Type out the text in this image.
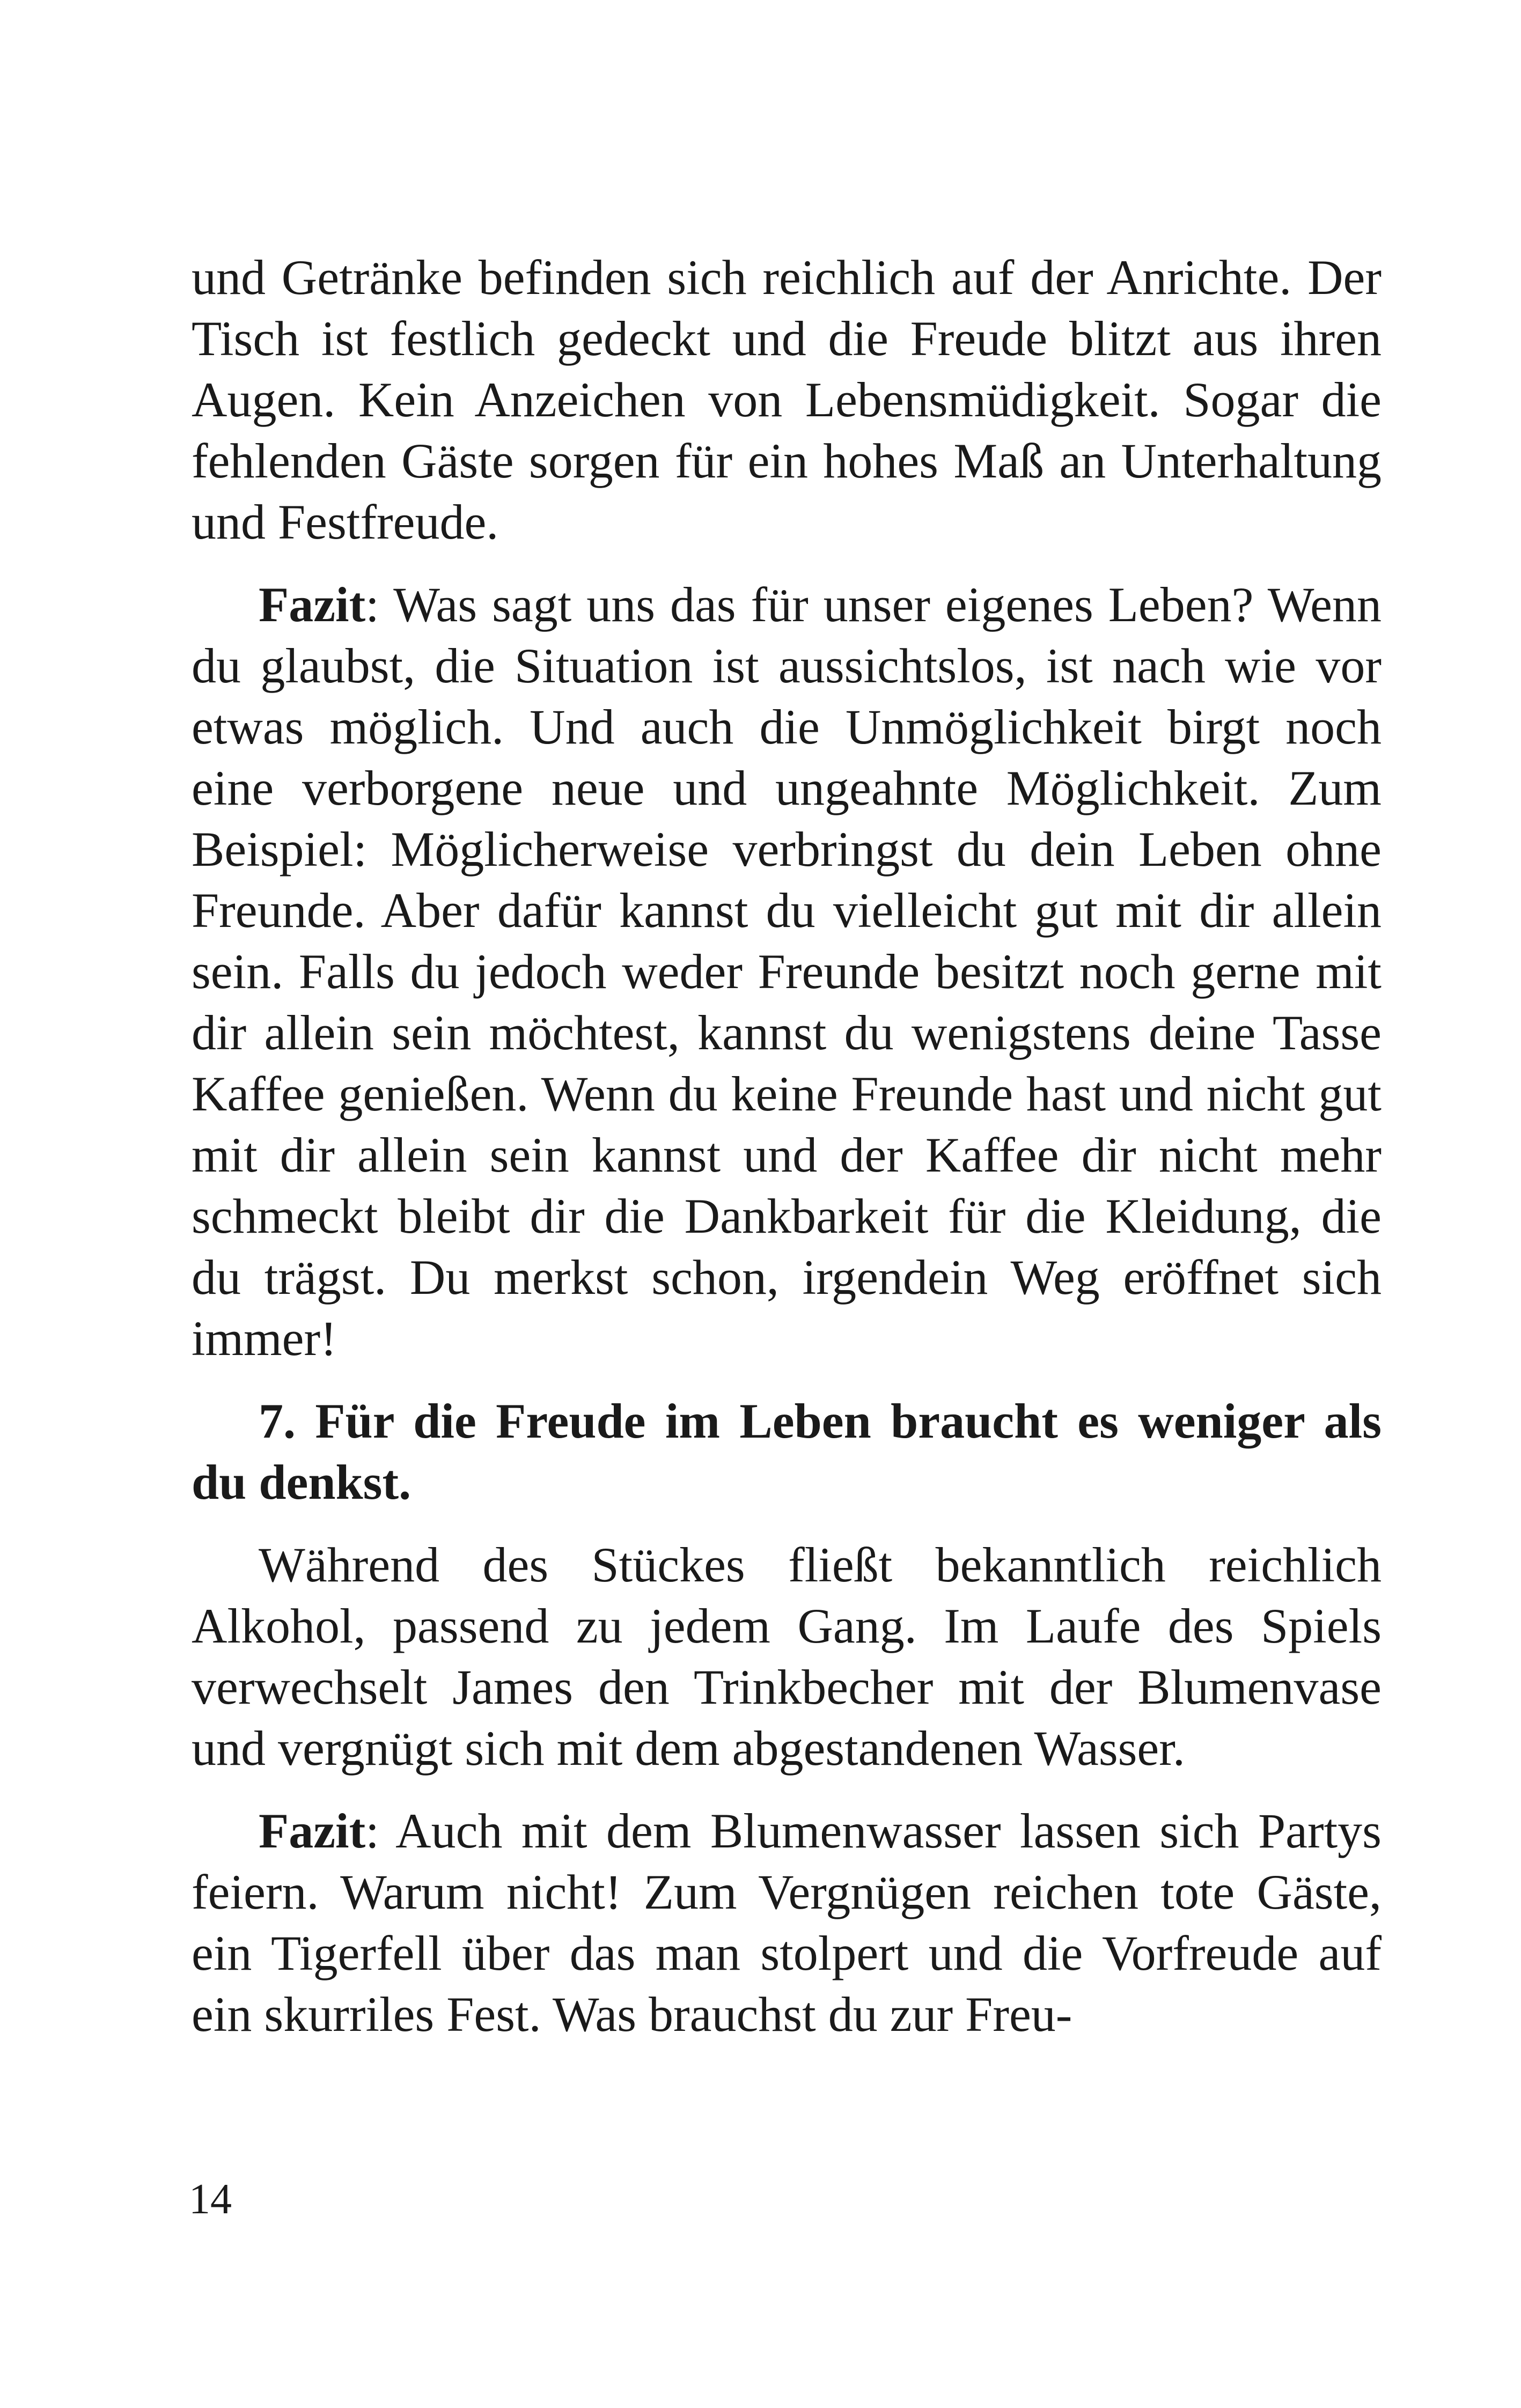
und Getränke befinden sich reichlich auf der Anrichte. Der Tisch ist festlich gedeckt und die Freude blitzt aus ihren Augen. Kein Anzeichen von Lebensmüdigkeit. Sogar die fehlenden Gäste sorgen für ein hohes Maß an Unterhaltung und Festfreude.

Fazit: Was sagt uns das für unser eigenes Leben? Wenn du glaubst, die Situation ist aussichtslos, ist nach wie vor etwas möglich. Und auch die Unmöglichkeit birgt noch eine verborgene neue und ungeahnte Möglichkeit. Zum Beispiel: Möglicherweise verbringst du dein Leben ohne Freunde. Aber dafür kannst du vielleicht gut mit dir allein sein. Falls du jedoch weder Freunde besitzt noch gerne mit dir allein sein möchtest, kannst du wenigstens deine Tasse Kaffee genießen. Wenn du keine Freunde hast und nicht gut mit dir allein sein kannst und der Kaffee dir nicht mehr schmeckt bleibt dir die Dankbarkeit für die Kleidung, die du trägst. Du merkst schon, irgendein Weg eröffnet sich immer!

7. Für die Freude im Leben braucht es weniger als du denkst.

Während des Stückes fließt bekanntlich reichlich Alkohol, passend zu jedem Gang. Im Laufe des Spiels verwechselt James den Trinkbecher mit der Blumenvase und vergnügt sich mit dem abgestandenen Wasser.

Fazit: Auch mit dem Blumenwasser lassen sich Partys feiern. Warum nicht! Zum Vergnügen reichen tote Gäste, ein Tigerfell über das man stolpert und die Vorfreude auf ein skurriles Fest. Was brauchst du zur Freu-

14
